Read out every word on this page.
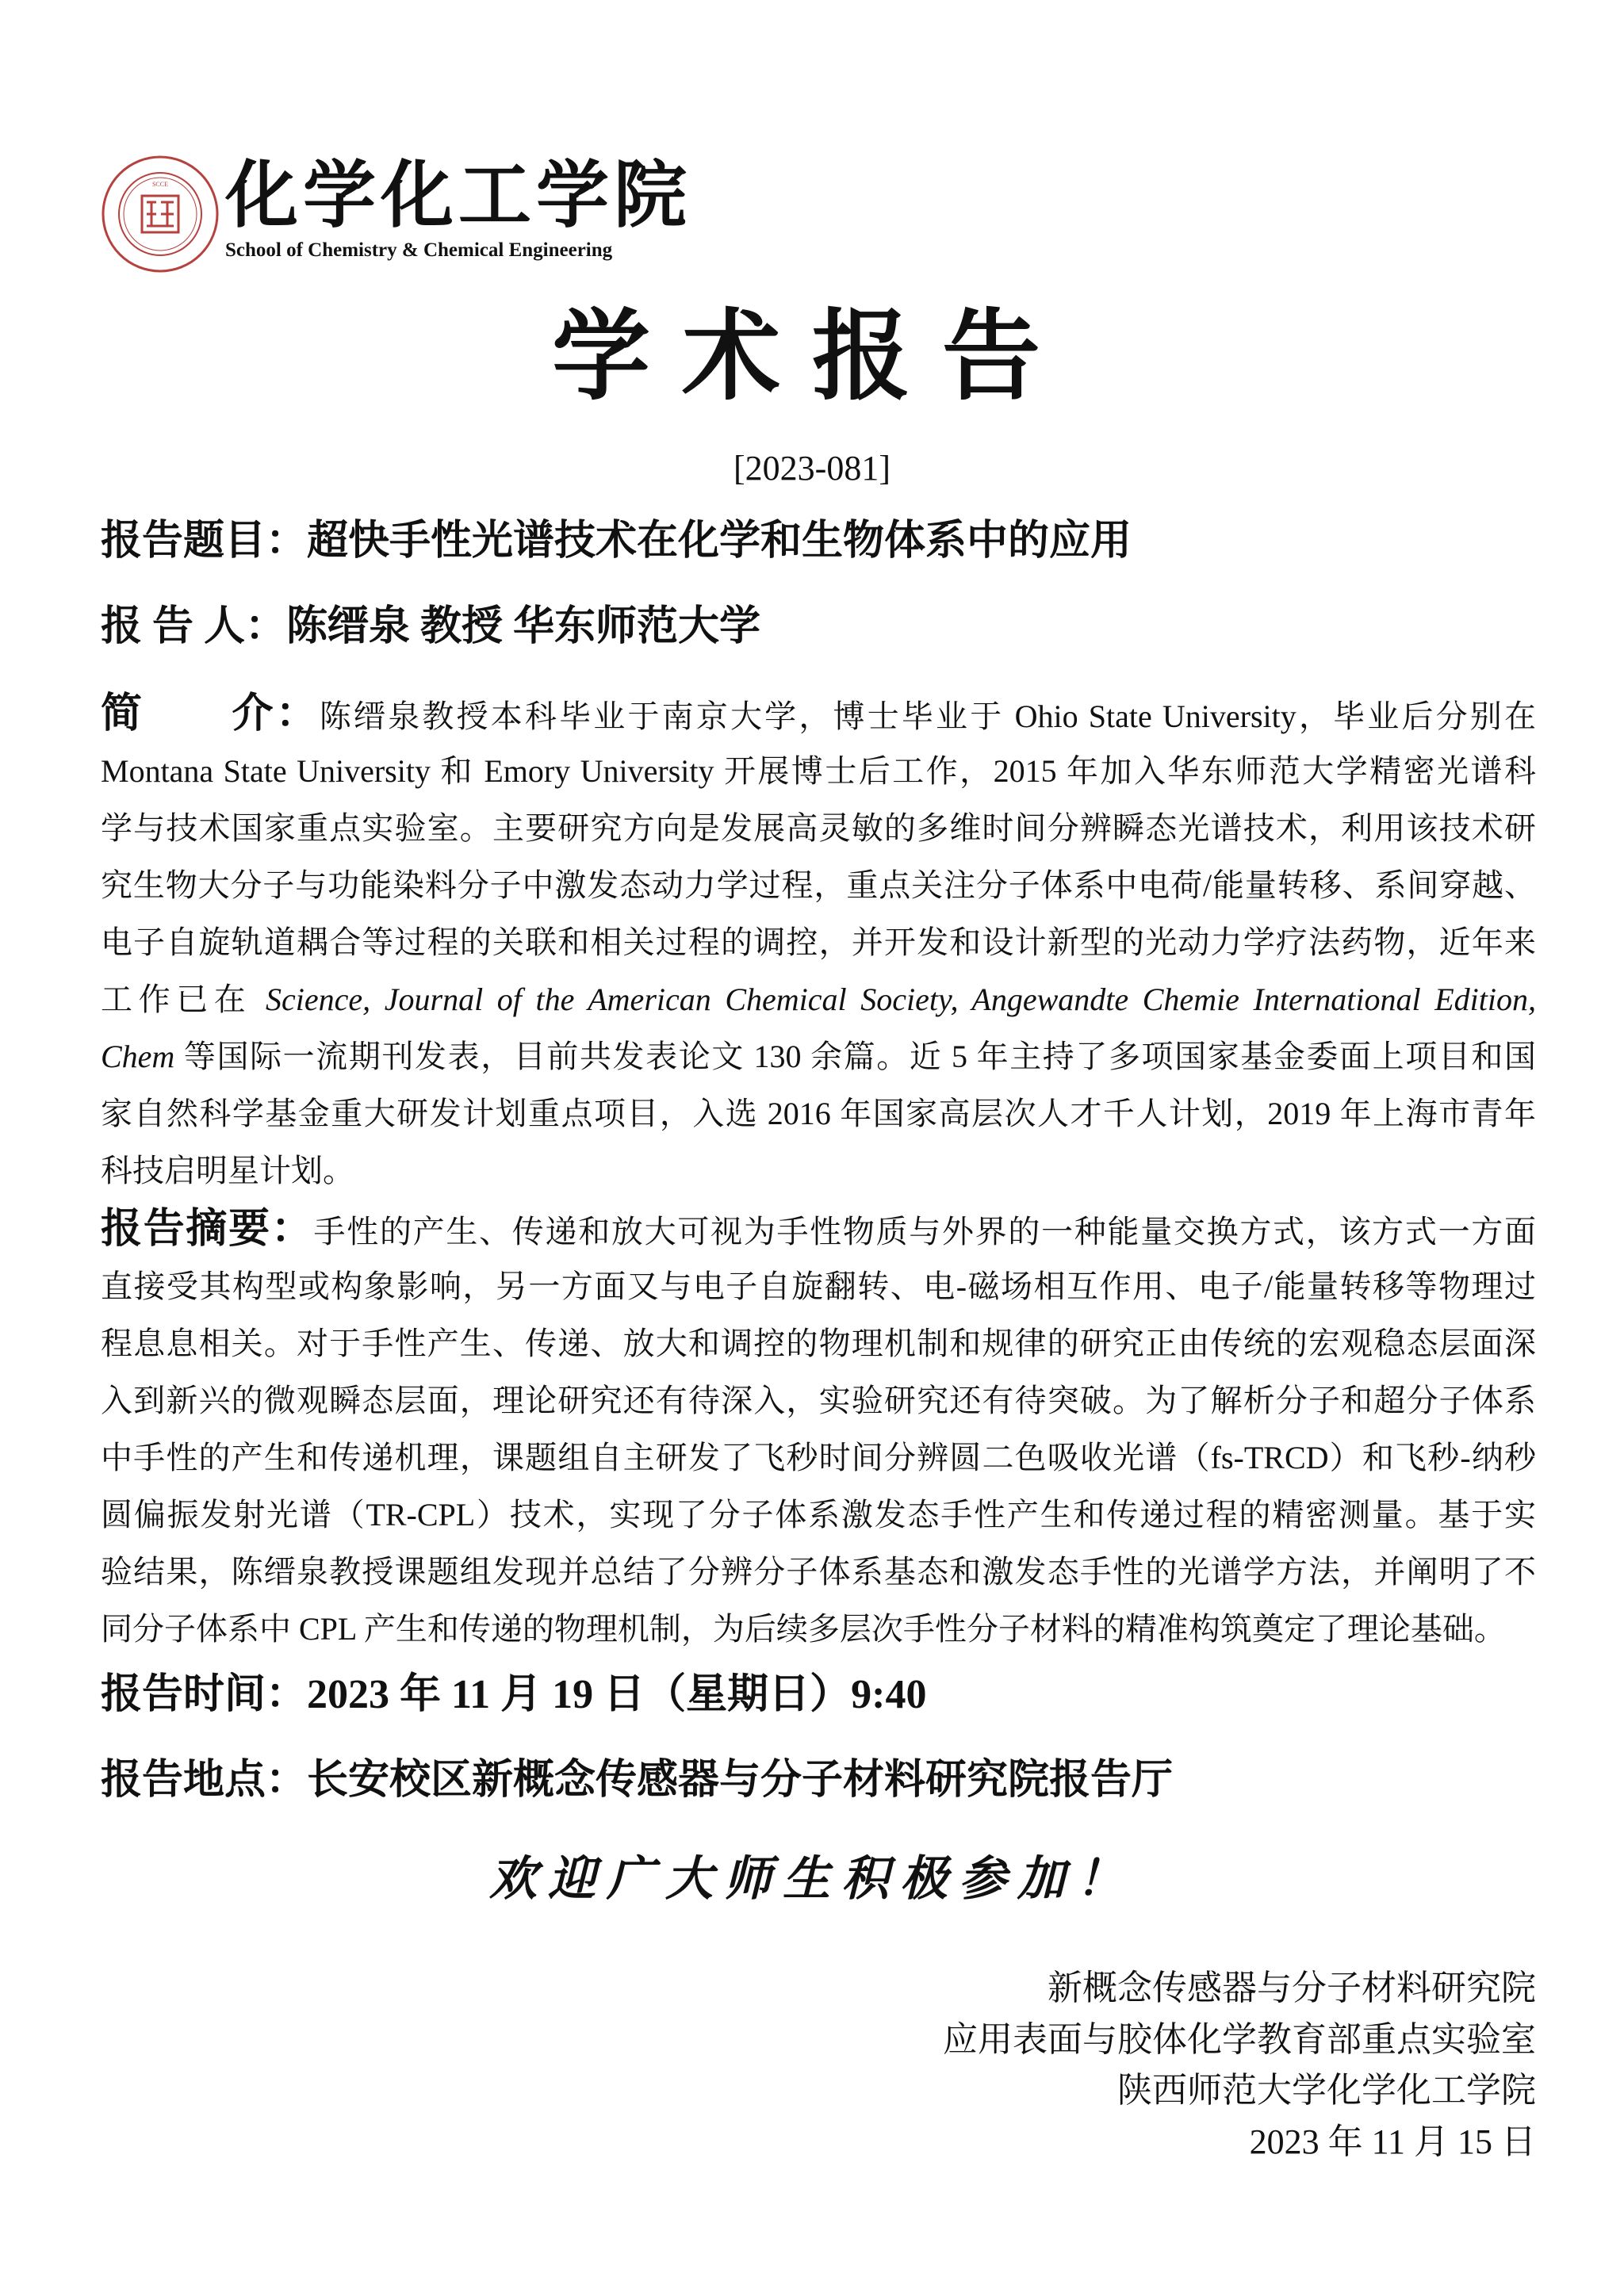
SCCE 化学化工学院
School of Chemistry & Chemical Engineering
学术报告
[2023-081]
报告题目：超快手性光谱技术在化学和生物体系中的应用
报 告 人：陈缙泉 教授 华东师范大学
简　　介：陈缙泉教授本科毕业于南京大学，博士毕业于 Ohio State University，毕业后分别在
Montana State University 和 Emory University 开展博士后工作，2015 年加入华东师范大学精密光谱科
学与技术国家重点实验室。主要研究方向是发展高灵敏的多维时间分辨瞬态光谱技术，利用该技术研
究生物大分子与功能染料分子中激发态动力学过程，重点关注分子体系中电荷/能量转移、系间穿越、
电子自旋轨道耦合等过程的关联和相关过程的调控，并开发和设计新型的光动力学疗法药物，近年来
工作已在 Science, Journal of the American Chemical Society, Angewandte Chemie International Edition,
Chem 等国际一流期刊发表，目前共发表论文 130 余篇。近 5 年主持了多项国家基金委面上项目和国
家自然科学基金重大研发计划重点项目，入选 2016 年国家高层次人才千人计划，2019 年上海市青年
科技启明星计划。
报告摘要：手性的产生、传递和放大可视为手性物质与外界的一种能量交换方式，该方式一方面
直接受其构型或构象影响，另一方面又与电子自旋翻转、电-磁场相互作用、电子/能量转移等物理过
程息息相关。对于手性产生、传递、放大和调控的物理机制和规律的研究正由传统的宏观稳态层面深
入到新兴的微观瞬态层面，理论研究还有待深入，实验研究还有待突破。为了解析分子和超分子体系
中手性的产生和传递机理，课题组自主研发了飞秒时间分辨圆二色吸收光谱（fs-TRCD）和飞秒-纳秒
圆偏振发射光谱（TR-CPL）技术，实现了分子体系激发态手性产生和传递过程的精密测量。基于实
验结果，陈缙泉教授课题组发现并总结了分辨分子体系基态和激发态手性的光谱学方法，并阐明了不
同分子体系中 CPL 产生和传递的物理机制，为后续多层次手性分子材料的精准构筑奠定了理论基础。
报告时间：2023 年 11 月 19 日（星期日）9:40
报告地点：长安校区新概念传感器与分子材料研究院报告厅
欢迎广大师生积极参加！
新概念传感器与分子材料研究院
应用表面与胶体化学教育部重点实验室
陕西师范大学化学化工学院
2023 年 11 月 15 日
